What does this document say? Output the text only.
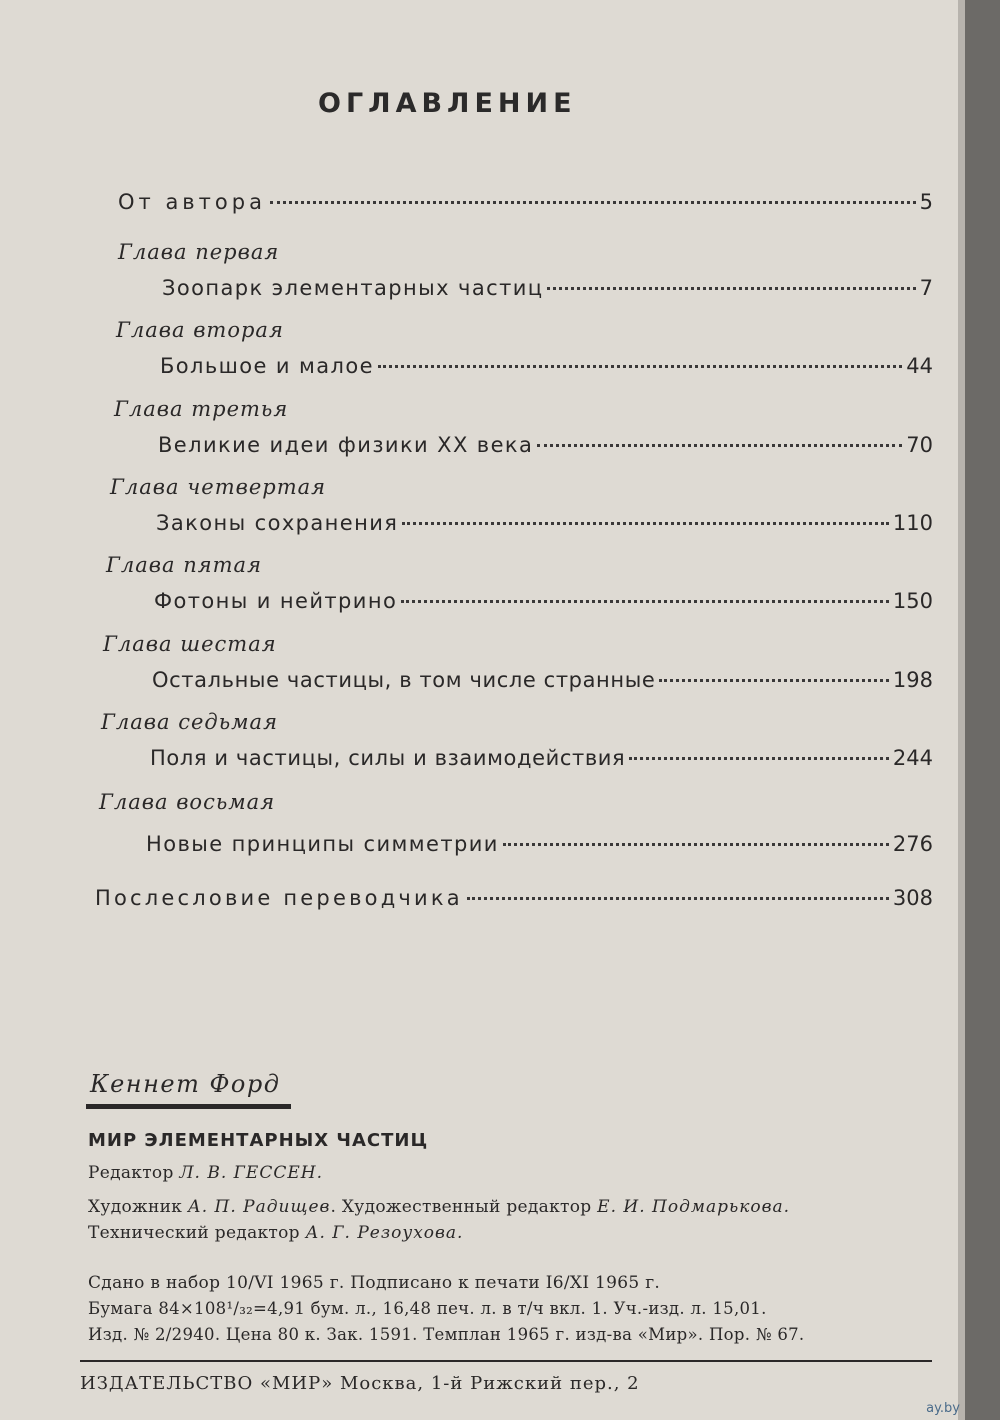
ОГЛАВЛЕНИЕ
От автора	5
Глава первая
Зоопарк элементарных частиц	7
Глава вторая
Большое и малое	44
Глава третья
Великие идеи физики XX века	70
Глава четвертая
Законы сохранения	110
Глава пятая
Фотоны и нейтрино	150
Глава шестая
Остальные частицы, в том числе странные	198
Глава седьмая
Поля и частицы, силы и взаимодействия	244
Глава восьмая
Новые принципы симметрии	276
Послесловие переводчика	308
Кеннет Форд
МИР ЭЛЕМЕНТАРНЫХ ЧАСТИЦ
Редактор Л. В. ГЕССЕН.
Художник А. П. Радищев. Художественный редактор Е. И. Подмарькова.
Технический редактор А. Г. Резоухова.
Сдано в набор 10/VI 1965 г. Подписано к печати I6/XI 1965 г.
Бумага 84×108¹/₃₂=4,91 бум. л., 16,48 печ. л. в т/ч вкл. 1. Уч.-изд. л. 15,01.
Изд. № 2/2940. Цена 80 к. Зак. 1591. Темплан 1965 г. изд-ва «Мир». Пор. № 67.
ИЗДАТЕЛЬСТВО «МИР» Москва, 1-й Рижский пер., 2
ay.by
